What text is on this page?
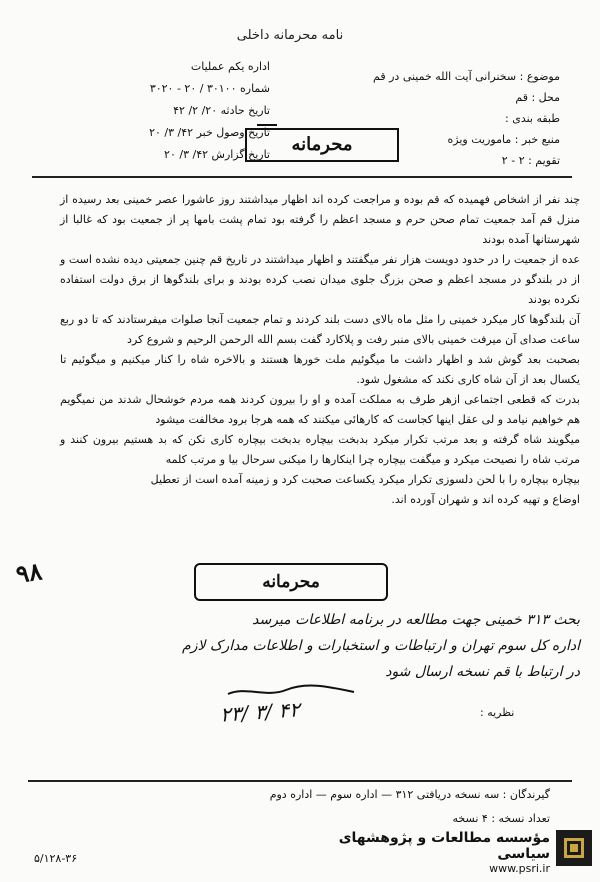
نامه محرمانه داخلی
اداره یکم عملیات
شماره ۳۰۱۰۰ / ۲۰ - ۳۰۲۰
تاریخ حادثه ۲۰/ ۲/ ۴۲
تاریخ وصول خبر ۴۲/ ۳/ ۲۰
تاریخ گزارش ۴۲/ ۳/ ۲۰
موضوع : سخنرانی آیت الله خمینی در قم
محل : قم
طبقه بندی :
منبع خبر : ماموریت ویژه
تقویم : ۲ - ۲
محرمانه

چند نفر از اشخاص فهمیده که قم بوده و مراجعت کرده اند اظهار میداشتند روز عاشورا عصر خمینی بعد رسیده از منزل قم آمد جمعیت تمام صحن حرم و مسجد اعظم را گرفته بود تمام پشت بامها پر از جمعیت بود که غالبا از شهرستانها آمده بودند

عده از جمعیت را در حدود دویست هزار نفر میگفتند و اظهار میداشتند در تاریخ قم چنین جمعیتی دیده نشده است و از در بلندگو در مسجد اعظم و صحن بزرگ جلوی میدان نصب کرده بودند و برای بلندگوها از برق دولت استفاده نکرده بودند

آن بلندگوها کار میکرد خمینی را مثل ماه بالای دست بلند کردند و تمام جمعیت آنجا صلوات میفرستادند که تا دو ربع ساعت صدای آن میرفت خمینی بالای منبر رفت و پلاکارد گفت بسم الله الرحمن الرحیم و شروع کرد

بصحبت بعد گوش شد و اظهار داشت ما میگوئیم ملت خورها هستند و بالاخره شاه را کنار میکنیم و میگوئیم تا یکسال بعد از آن شاه کاری نکند که مشغول شود.

بدرت که قطعی اجتماعی ازهر طرف به مملکت آمده و او را بیرون کردند همه مردم خوشحال شدند من نمیگویم هم خواهیم نیامد و لی عقل اینها کجاست که کارهائی میکنند که همه هرجا برود مخالفت میشود

میگویند شاه گرفته و بعد مرتب تکرار میکرد بدبخت بیچاره بدبخت بیچاره کاری نکن که بد هستیم بیرون کنند و مرتب شاه را نصیحت میکرد و میگفت بیچاره چرا اینکارها را میکنی سرحال بیا و مرتب کلمه

بیچاره بیچاره را با لحن دلسوزی تکرار میکرد یکساعت صحبت کرد و زمینه آمده است از تعطیل

اوضاع و تهیه کرده اند و شهران آورده اند.

۹۸	محرمانه
بحث ۳۱۳ خمینی جهت مطالعه در برنامه اطلاعات میرسد
اداره کل سوم تهران و ارتباطات و استخبارات و اطلاعات مدارک لازم
در ارتباط با قم نسخه ارسال شود
۲۳/ ۳/ ۴۲	نظریه :
گیرندگان : سه نسخه دریافتی ۳۱۲ — اداره سوم — اداره دوم
تعداد نسخه : ۴ نسخه
۵/۱۲۸-۳۶
مؤسسه مطالعات و پژوهشهای سیاسی
www.psri.ir
